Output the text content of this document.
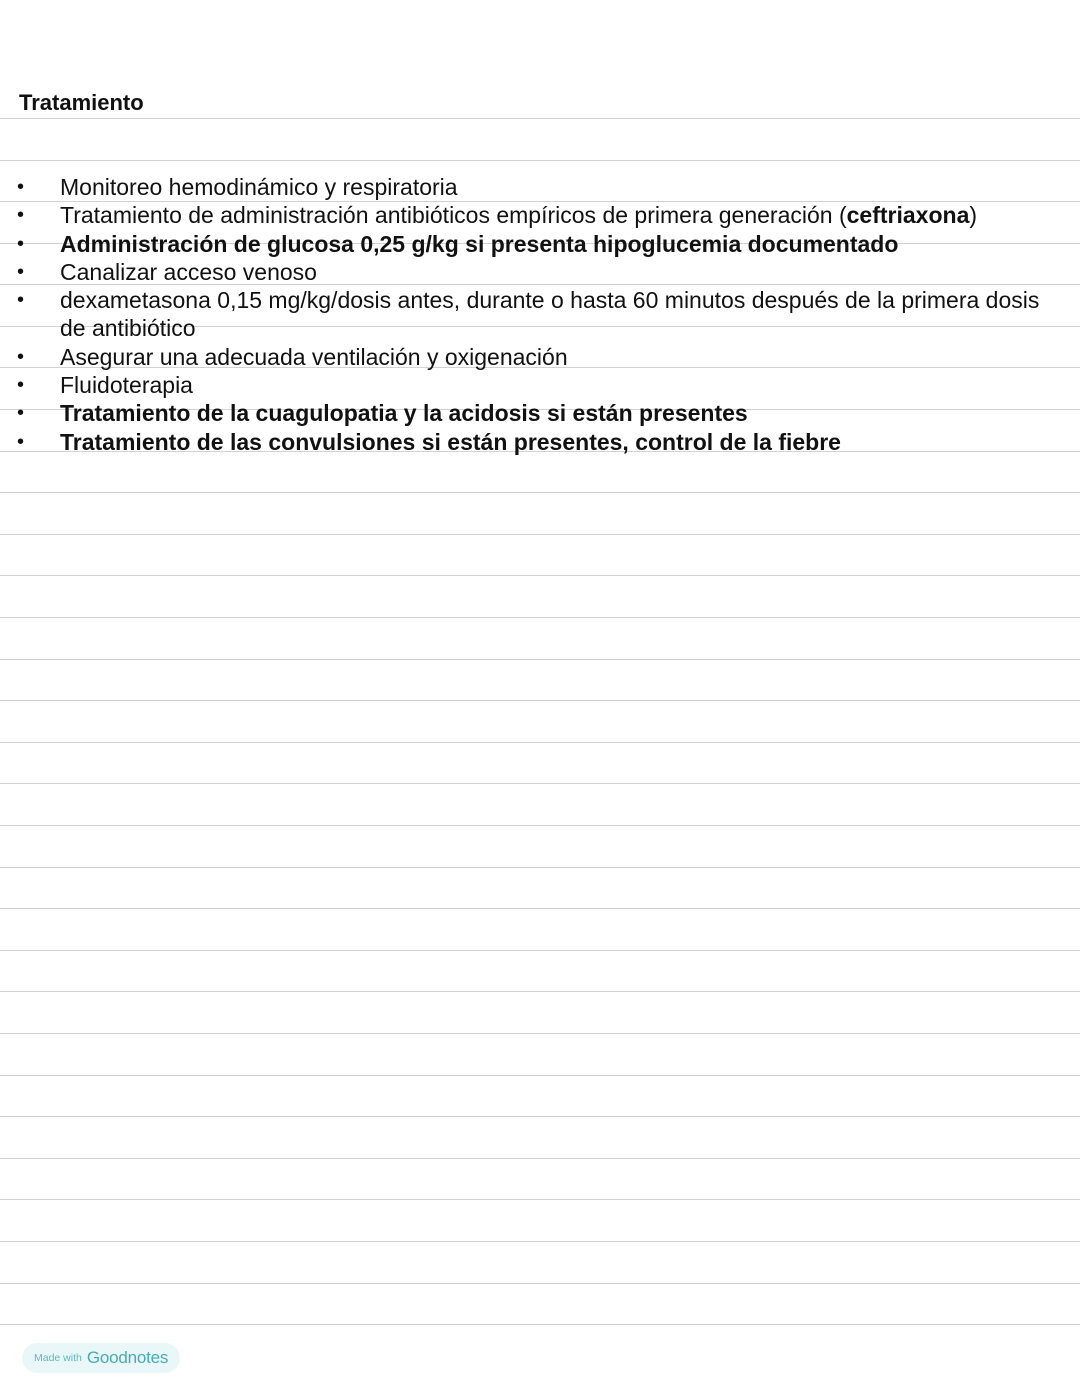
Tratamiento
• Monitoreo hemodinámico y respiratoria
• Tratamiento de administración antibióticos empíricos de primera generación (ceftriaxona)
• Administración de glucosa 0,25 g/kg si presenta hipoglucemia documentado
• Canalizar acceso venoso
• dexametasona 0,15 mg/kg/dosis antes, durante o hasta 60 minutos después de la primera dosis de antibiótico
• Asegurar una adecuada ventilación y oxigenación
• Fluidoterapia
• Tratamiento de la cuagulopatia y la acidosis si están presentes
• Tratamiento de las convulsiones si están presentes, control de la fiebre
Made with Goodnotes
